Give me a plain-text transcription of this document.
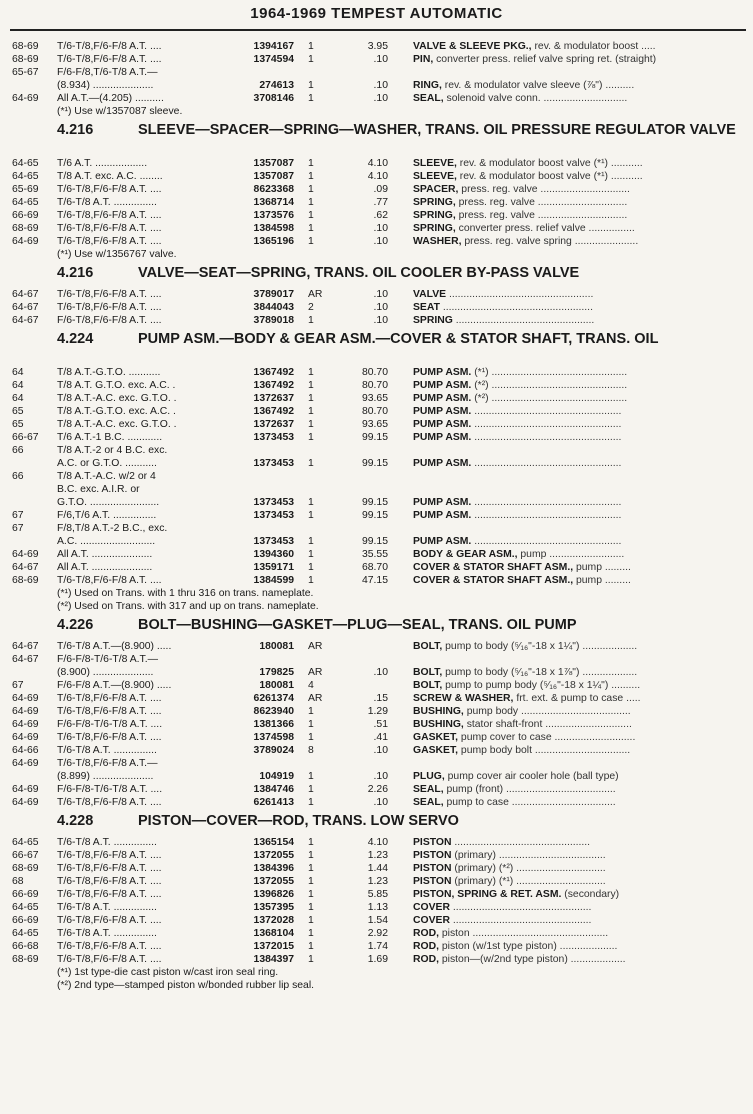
1964-1969 TEMPEST AUTOMATIC
68-69	T/6-T/8,F/6-F/8 A.T. ....	1394167 1	3.95 VALVE & SLEEVE PKG., rev. & modulator boost .....
68-69	T/6-T/8,F/6-F/8 A.T. ....	1374594 1	.10 PIN, converter press. relief valve spring ret. (straight)
65-67	F/6-F/8,T/6-T/8 A.T.—
(8.934) .....................	274613 1	.10 RING, rev. & modulator valve sleeve (⅞") ..........
64-69	All A.T.—(4.205) ..........	3708146 1	.10 SEAL, solenoid valve conn. .............................
(*¹) Use w/1357087 sleeve.
4.216	SLEEVE—SPACER—SPRING—WASHER, TRANS. OIL PRESSURE REGULATOR VALVE
64-65	T/6 A.T. ..................	1357087 1	4.10 SLEEVE, rev. & modulator boost valve (*¹) ...........
64-65	T/8 A.T. exc. A.C. ........	1357087 1	4.10 SLEEVE, rev. & modulator boost valve (*¹) ...........
65-69	T/6-T/8,F/6-F/8 A.T. ....	8623368 1	.09 SPACER, press. reg. valve ...............................
64-65	T/6-T/8 A.T. ...............	1368714 1	.77 SPRING, press. reg. valve ...............................
66-69	T/6-T/8,F/6-F/8 A.T. ....	1373576 1	.62 SPRING, press. reg. valve ...............................
68-69	T/6-T/8,F/6-F/8 A.T. ....	1384598 1	.10 SPRING, converter press. relief valve ................
64-69	T/6-T/8,F/6-F/8 A.T. ....	1365196 1	.10 WASHER, press. reg. valve spring ......................
(*¹) Use w/1356767 valve.
4.216	VALVE—SEAT—SPRING, TRANS. OIL COOLER BY-PASS VALVE
64-67	T/6-T/8,F/6-F/8 A.T. ....	3789017 AR	.10 VALVE ..................................................
64-67	T/6-T/8,F/6-F/8 A.T. ....	3844043 2	.10 SEAT ....................................................
64-67	F/6-T/8,F/6-F/8 A.T. ....	3789018 1	.10 SPRING ................................................
4.224	PUMP ASM.—BODY & GEAR ASM.—COVER & STATOR SHAFT, TRANS. OIL
64	T/8 A.T.-G.T.O. ...........	1367492 1	80.70 PUMP ASM. (*¹) ...............................................
64	T/8 A.T. G.T.O. exc. A.C. .	1367492 1	80.70 PUMP ASM. (*²) ...............................................
64	T/8 A.T.-A.C. exc. G.T.O. .	1372637 1	93.65 PUMP ASM. (*²) ...............................................
65	T/8 A.T.-G.T.O. exc. A.C. .	1367492 1	80.70 PUMP ASM. ...................................................
65	T/8 A.T.-A.C. exc. G.T.O. .	1372637 1	93.65 PUMP ASM. ...................................................
66-67	T/6 A.T.-1 B.C. ............	1373453 1	99.15 PUMP ASM. ...................................................
66	T/8 A.T.-2 or 4 B.C. exc.
A.C. or G.T.O. ...........	1373453 1	99.15 PUMP ASM. ...................................................
66	T/8 A.T.-A.C. w/2 or 4
B.C. exc. A.I.R. or
G.T.O. ........................	1373453 1	99.15 PUMP ASM. ...................................................
67	F/6,T/6 A.T. ...............	1373453 1	99.15 PUMP ASM. ...................................................
67	F/8,T/8 A.T.-2 B.C., exc.
A.C. ..........................	1373453 1	99.15 PUMP ASM. ...................................................
64-69	All A.T. .....................	1394360 1	35.55 BODY & GEAR ASM., pump ..........................
64-67	All A.T. .....................	1359171 1	68.70 COVER & STATOR SHAFT ASM., pump .........
68-69	T/6-T/8,F/6-F/8 A.T. ....	1384599 1	47.15 COVER & STATOR SHAFT ASM., pump .........
(*¹) Used on Trans. with 1 thru 316 on trans. nameplate.
(*²) Used on Trans. with 317 and up on trans. nameplate.
4.226	BOLT—BUSHING—GASKET—PLUG—SEAL, TRANS. OIL PUMP
64-67	T/6-T/8 A.T.—(8.900) .....	180081 AR	BOLT, pump to body (⁵⁄₁₆"-18 x 1¼") ...................
64-67	F/6-F/8-T/6-T/8 A.T.—
(8.900) .....................	179825 AR	.10 BOLT, pump to body (⁵⁄₁₆"-18 x 1⅞") ...................
67	F/6-F/8 A.T.—(8.900) .....	180081 4	BOLT, pump to pump body (⁵⁄₁₆"-18 x 1¼") ..........
64-69	T/6-T/8,F/6-F/8 A.T. ....	6261374 AR	.15 SCREW & WASHER, frt. ext. & pump to case .....
64-69	T/6-T/8,F/6-F/8 A.T. ....	8623940 1	1.29 BUSHING, pump body ......................................
64-69	F/6-F/8-T/6-T/8 A.T. ....	1381366 1	.51 BUSHING, stator shaft-front ..............................
64-69	T/6-T/8,F/6-F/8 A.T. ....	1374598 1	.41 GASKET, pump cover to case ............................
64-66	T/6-T/8 A.T. ...............	3789024 8	.10 GASKET, pump body bolt .................................
64-69	T/6-T/8,F/6-F/8 A.T.—
(8.899) .....................	104919 1	.10 PLUG, pump cover air cooler hole (ball type)
64-69	F/6-F/8-T/6-T/8 A.T. ....	1384746 1	2.26 SEAL, pump (front) ......................................
64-69	T/6-T/8,F/6-F/8 A.T. ....	6261413 1	.10 SEAL, pump to case ....................................
4.228	PISTON—COVER—ROD, TRANS. LOW SERVO
64-65	T/6-T/8 A.T. ...............	1365154 1	4.10 PISTON ...............................................
66-67	T/6-T/8,F/6-F/8 A.T. ....	1372055 1	1.23 PISTON (primary) .....................................
68-69	T/6-T/8,F/6-F/8 A.T. ....	1384396 1	1.44 PISTON (primary) (*²) ...............................
68	T/6-T/8,F/6-F/8 A.T. ....	1372055 1	1.23 PISTON (primary) (*¹) ...............................
66-69	T/6-T/8,F/6-F/8 A.T. ....	1396826 1	5.85 PISTON, SPRING & RET. ASM. (secondary)
64-65	T/6-T/8 A.T. ...............	1357395 1	1.13 COVER ................................................
66-69	T/6-T/8,F/6-F/8 A.T. ....	1372028 1	1.54 COVER ................................................
64-65	T/6-T/8 A.T. ...............	1368104 1	2.92 ROD, piston ...............................................
66-68	T/6-T/8,F/6-F/8 A.T. ....	1372015 1	1.74 ROD, piston (w/1st type piston) ....................
68-69	T/6-T/8,F/6-F/8 A.T. ....	1384397 1	1.69 ROD, piston—(w/2nd type piston) ...................
(*¹) 1st type-die cast piston w/cast iron seal ring.
(*²) 2nd type—stamped piston w/bonded rubber lip seal.
